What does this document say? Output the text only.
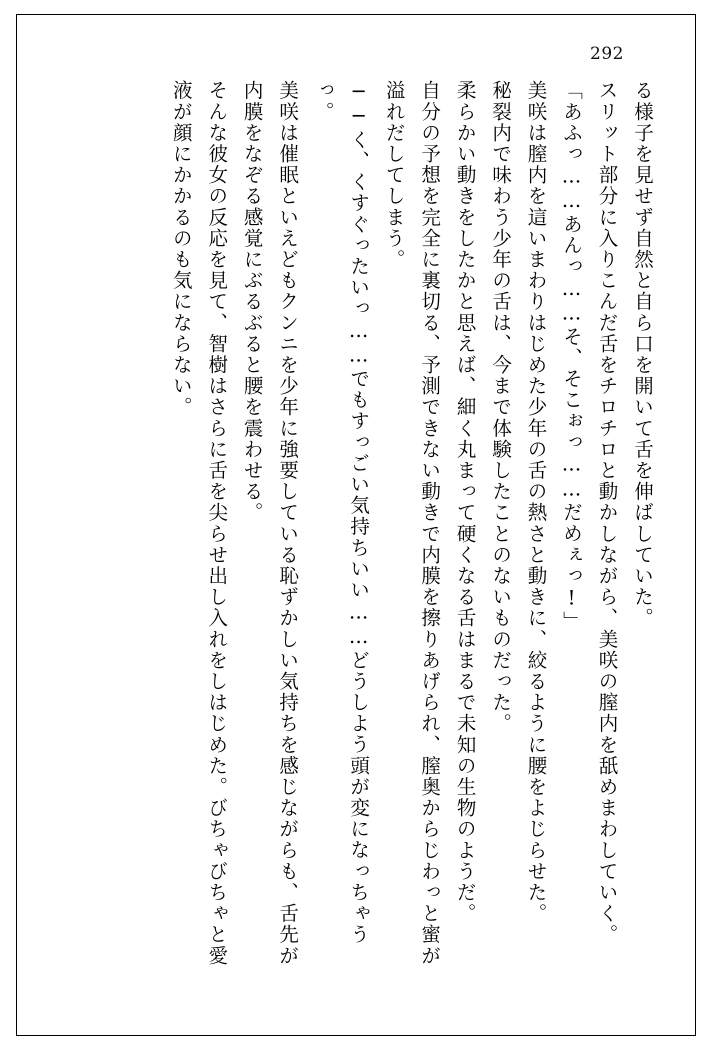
292

る様子を見せず自然と自ら口を開いて舌を伸ばしていた。

スリット部分に入りこんだ舌をチロチロと動かしながら、美咲の膣内を舐めまわしていく。

「あふっ……あんっ……そ、そこぉっ……だめぇっ!」

美咲は膣内を這いまわりはじめた少年の舌の熱さと動きに、絞るように腰をよじらせた。

秘裂内で味わう少年の舌は、今まで体験したことのないものだった。

柔らかい動きをしたかと思えば、細く丸まって硬くなる舌はまるで未知の生物のようだ。

自分の予想を完全に裏切る、予測できない動きで内膜を擦りあげられ、膣奥からじわっと蜜が溢れだしてしまう。

──く、くすぐったいっ……でもすっごい気持ちいい……どうしよう頭が変になっちゃうっ。

美咲は催眠といえどもクンニを少年に強要している恥ずかしい気持ちを感じながらも、舌先が内膜をなぞる感覚にぶるぶると腰を震わせる。

そんな彼女の反応を見て、智樹はさらに舌を尖らせ出し入れをしはじめた。びちゃびちゃと愛液が顔にかかるのも気にならない。
